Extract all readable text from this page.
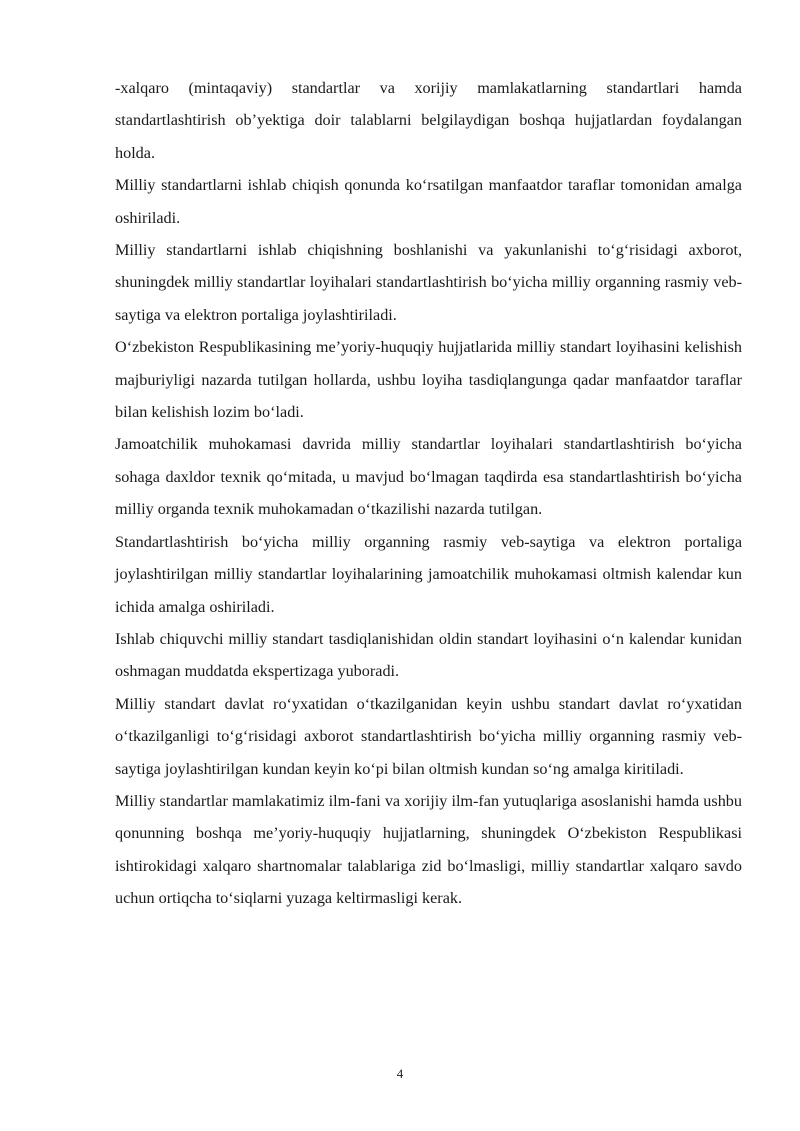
-xalqaro (mintaqaviy) standartlar va xorijiy mamlakatlarning standartlari hamda standartlashtirish ob’yektiga doir talablarni belgilaydigan boshqa hujjatlardan foydalangan holda.

Milliy standartlarni ishlab chiqish qonunda ko‘rsatilgan manfaatdor taraflar tomonidan amalga oshiriladi.

Milliy standartlarni ishlab chiqishning boshlanishi va yakunlanishi to‘g‘risidagi axborot, shuningdek milliy standartlar loyihalari standartlashtirish bo‘yicha milliy organning rasmiy veb-saytiga va elektron portaliga joylashtiriladi.

O‘zbekiston Respublikasining me’yoriy-huquqiy hujjatlarida milliy standart loyihasini kelishish majburiyligi nazarda tutilgan hollarda, ushbu loyiha tasdiqlangunga qadar manfaatdor taraflar bilan kelishish lozim bo‘ladi.

Jamoatchilik muhokamasi davrida milliy standartlar loyihalari standartlashtirish bo‘yicha sohaga daxldor texnik qo‘mitada, u mavjud bo‘lmagan taqdirda esa standartlashtirish bo‘yicha milliy organda texnik muhokamadan o‘tkazilishi nazarda tutilgan.

Standartlashtirish bo‘yicha milliy organning rasmiy veb-saytiga va elektron portaliga joylashtirilgan milliy standartlar loyihalarining jamoatchilik muhokamasi oltmish kalendar kun ichida amalga oshiriladi.

Ishlab chiquvchi milliy standart tasdiqlanishidan oldin standart loyihasini o‘n kalendar kunidan oshmagan muddatda ekspertizaga yuboradi.

Milliy standart davlat ro‘yxatidan o‘tkazilganidan keyin ushbu standart davlat ro‘yxatidan o‘tkazilganligi to‘g‘risidagi axborot standartlashtirish bo‘yicha milliy organning rasmiy veb-saytiga joylashtirilgan kundan keyin ko‘pi bilan oltmish kundan so‘ng amalga kiritiladi.

Milliy standartlar mamlakatimiz ilm-fani va xorijiy ilm-fan yutuqlariga asoslanishi hamda ushbu qonunning boshqa me’yoriy-huquqiy hujjatlarning, shuningdek O‘zbekiston Respublikasi ishtirokidagi xalqaro shartnomalar talablariga zid bo‘lmasligi, milliy standartlar xalqaro savdo uchun ortiqcha to‘siqlarni yuzaga keltirmasligi kerak.

4
